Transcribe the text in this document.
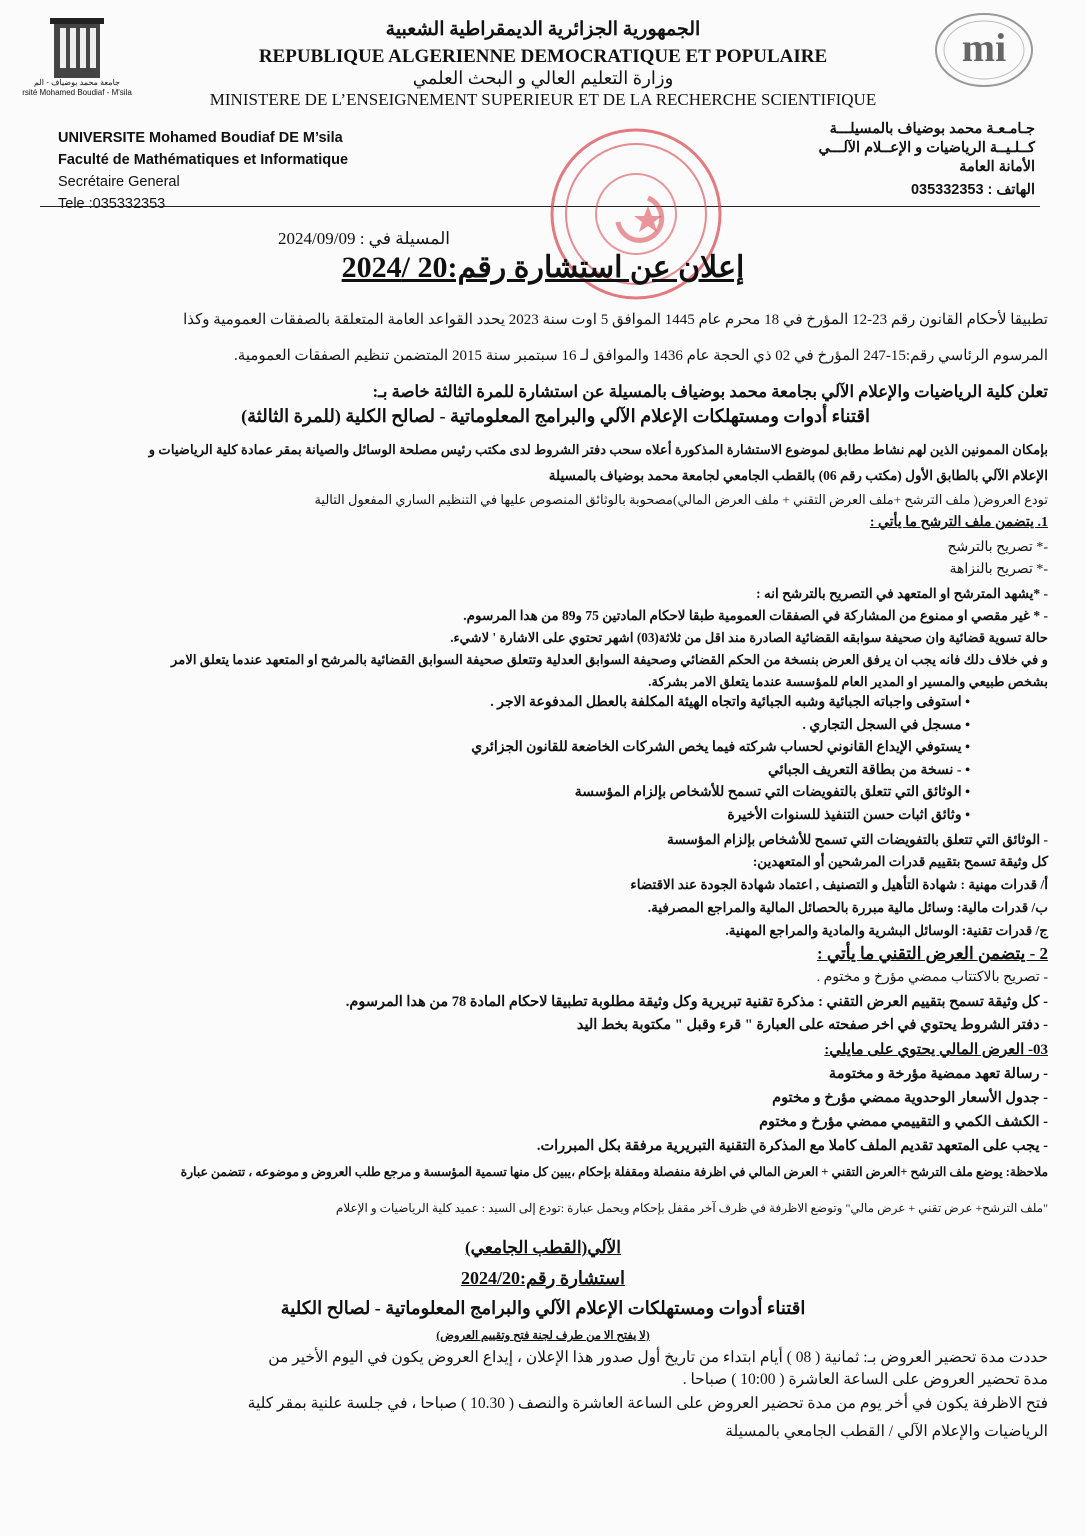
الجمهورية الجزائرية الديمقراطية الشعبية
REPUBLIQUE ALGERIENNE DEMOCRATIQUE ET POPULAIRE
وزارة التعليم العالي و البحث العلمي
MINISTERE DE L’ENSEIGNEMENT SUPERIEUR ET DE LA RECHERCHE SCIENTIFIQUE
جامعة محمد بوضياف - الم
rsité Mohamed Boudiaf - M'sila
mi
UNIVERSITE Mohamed Boudiaf DE M’sila
Faculté de Mathématiques et Informatique
Secrétaire General
Tele :035332353
جـامـعـة محمد بوضياف بالمسيلـــة
كــلـيــة الرياضيات و الإعــلام الآلـــي
الأمانة العامة
الهاتف : 035332353
المسيلة في : 2024/09/09
إعلان عن استشارة رقم:20 /2024
تطبيقا لأحكام القانون رقم 23-12 المؤرخ في 18 محرم عام 1445 الموافق 5 اوت سنة 2023 يحدد القواعد العامة المتعلقة بالصفقات العمومية وكذا
المرسوم الرئاسي رقم:15-247 المؤرخ في 02 ذي الحجة عام 1436 والموافق لـ 16 سبتمبر سنة 2015 المتضمن تنظيم الصفقات العمومية.
تعلن كلية الرياضيات والإعلام الآلي بجامعة محمد بوضياف بالمسيلة عن استشارة للمرة الثالثة خاصة بـ:
اقتناء أدوات ومستهلكات الإعلام الآلي والبرامج المعلوماتية - لصالح الكلية (للمرة الثالثة)
بإمكان الممونين الذين لهم نشاط مطابق لموضوع الاستشارة المذكورة أعلاه سحب دفتر الشروط لدى مكتب رئيس مصلحة الوسائل والصيانة بمقر عمادة كلية الرياضيات و
الإعلام الآلي بالطابق الأول (مكتب رقم 06) بالقطب الجامعي لجامعة محمد بوضياف بالمسيلة
تودع العروض( ملف الترشح +ملف العرض التقني + ملف العرض المالي)مصحوبة بالوثائق المنصوص عليها في التنظيم الساري المفعول التالية
1. يتضمن ملف الترشح ما يأتي :
-* تصريح بالترشح
-* تصريح بالنزاهة
- *يشهد المترشح او المتعهد في التصريح بالترشح انه :
- * غير مقصي او ممنوع من المشاركة في الصفقات العمومية طبقا لاحكام المادتين 75 و89 من هدا المرسوم.
حالة تسوية قضائية وان صحيفة سوابقه القضائية الصادرة مند اقل من ثلاثة(03) اشهر تحتوي على الاشارة ' لاشيء.
و في خلاف دلك فانه يجب ان يرفق العرض بنسخة من الحكم القضائي وصحيفة السوابق العدلية وتتعلق صحيفة السوابق القضائية بالمرشح او المتعهد عندما يتعلق الامر
بشخص طبيعي والمسير او المدير العام للمؤسسة عندما يتعلق الامر بشركة.
• استوفى واجباته الجبائية وشبه الجبائية واتجاه الهيئة المكلفة بالعطل المدفوعة الاجر .
• مسجل في السجل التجاري .
• يستوفي الإيداع القانوني لحساب شركته فيما يخص الشركات الخاضعة للقانون الجزائري
• - نسخة من بطاقة التعريف الجبائي
• الوثائق التي تتعلق بالتفويضات التي تسمح للأشخاص بإلزام المؤسسة
• وثائق اثبات حسن التنفيذ للسنوات الأخيرة
- الوثائق التي تتعلق بالتفويضات التي تسمح للأشخاص بإلزام المؤسسة
كل وثيقة تسمح بتقييم قدرات المرشحين أو المتعهدين:
أ/ قدرات مهنية : شهادة التأهيل و التصنيف , اعتماد شهادة الجودة عند الاقتضاء
ب/ قدرات مالية: وسائل مالية مبررة بالحصائل المالية والمراجع المصرفية.
ج/ قدرات تقنية: الوسائل البشرية والمادية والمراجع المهنية.
2 - يتضمن العرض التقني ما يأتي :
- تصريح بالاكتتاب ممضي مؤرخ و مختوم .
- كل وثيقة تسمح بتقييم العرض التقني : مذكرة تقنية تبريرية وكل وثيقة مطلوبة تطبيقا لاحكام المادة 78 من هدا المرسوم.
- دفتر الشروط يحتوي في اخر صفحته على العبارة " قرء وقبل " مكتوبة بخط اليد
03- العرض المالي يحتوي على مايلي:
- رسالة تعهد ممضية مؤرخة و مختومة
- جدول الأسعار الوحدوية ممضي مؤرخ و مختوم
- الكشف الكمي و التقييمي ممضي مؤرخ و مختوم
- يجب على المتعهد تقديم الملف كاملا مع المذكرة التقنية التبريرية مرفقة بكل المبررات.
ملاحظة: يوضع ملف الترشح +العرض التقني + العرض المالي في اظرفة منفصلة ومقفلة بإحكام ،يبين كل منها تسمية المؤسسة و مرجع طلب العروض و موضوعه ، تتضمن عبارة
"ملف الترشح+ عرض تقني + عرض مالي" وتوضع الاظرفة في ظرف آخر مقفل بإحكام ويحمل عبارة :تودع إلى السيد : عميد كلية الرياضيات و الإعلام
الآلي(القطب الجامعي)
استشارة رقم:2024/20
اقتناء أدوات ومستهلكات الإعلام الآلي والبرامج المعلوماتية - لصالح الكلية
(لا يفتح الا من طرف لجنة فتح وتقييم العروض)
حددت مدة تحضير العروض بـ: ثمانية ( 08 ) أيام ابتداء من تاريخ أول صدور هذا الإعلان ، إيداع العروض يكون في اليوم الأخير من
مدة تحضير العروض على الساعة العاشرة ( 10:00 ) صباحا .
فتح الاظرفة يكون في أخر يوم من مدة تحضير العروض على الساعة العاشرة والنصف ( 10.30 ) صباحا ، في جلسة علنية بمقر كلية
الرياضيات والإعلام الآلي / القطب الجامعي بالمسيلة
